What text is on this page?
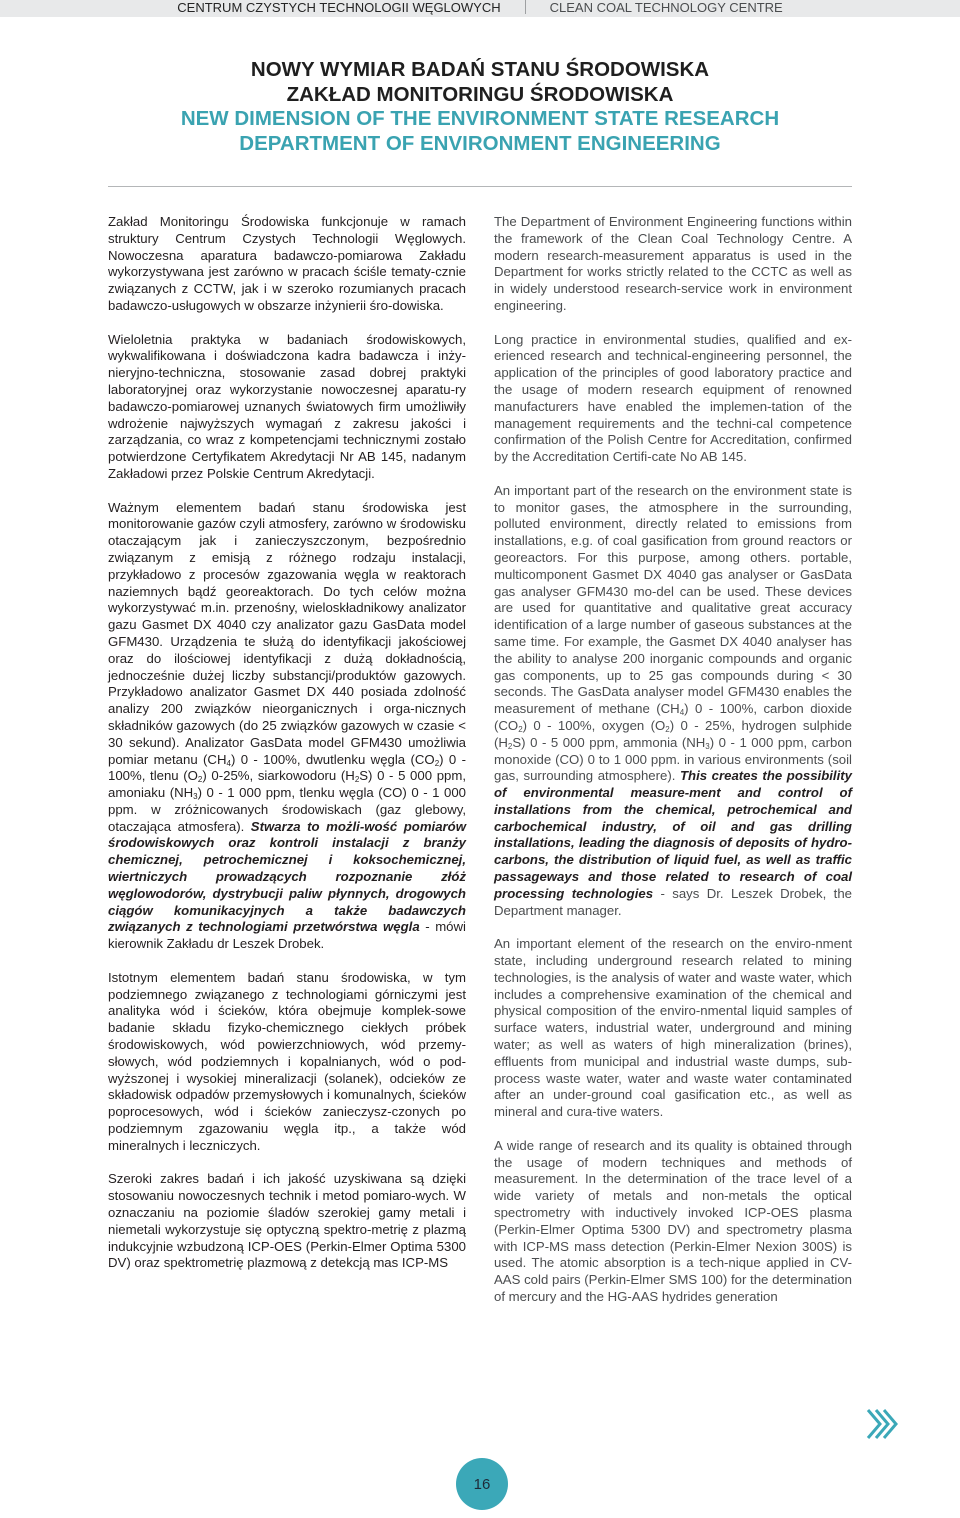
CENTRUM CZYSTYCH TECHNOLOGII WĘGLOWYCH	CLEAN COAL TECHNOLOGY CENTRE
NOWY WYMIAR BADAŃ STANU ŚRODOWISKA
ZAKŁAD MONITORINGU ŚRODOWISKA
NEW DIMENSION OF THE ENVIRONMENT STATE RESEARCH
DEPARTMENT OF ENVIRONMENT ENGINEERING

Zakład Monitoringu Środowiska funkcjonuje w ramach struktury Centrum Czystych Technologii Węglowych. Nowoczesna aparatura badawczo-pomiarowa Zakładu wykorzystywana jest zarówno w pracach ściśle tematy-cznie związanych z CCTW, jak i w szeroko rozumianych pracach badawczo-usługowych w obszarze inżynierii śro-dowiska.

Wieloletnia praktyka w badaniach środowiskowych, wykwalifikowana i doświadczona kadra badawcza i inży-nieryjno-techniczna, stosowanie zasad dobrej praktyki laboratoryjnej oraz wykorzystanie nowoczesnej aparatu-ry badawczo-pomiarowej uznanych światowych firm umożliwiły wdrożenie najwyższych wymagań z zakresu jakości i zarządzania, co wraz z kompetencjami technicznymi zostało potwierdzone Certyfikatem Akredytacji Nr AB 145, nadanym Zakładowi przez Polskie Centrum Akredytacji.

Ważnym elementem badań stanu środowiska jest monitorowanie gazów czyli atmosfery, zarówno w środowisku otaczającym jak i zanieczyszczonym, bezpośrednio związanym z emisją z różnego rodzaju instalacji, przykładowo z procesów zgazowania węgla w reaktorach naziemnych bądź georeaktorach. Do tych celów można wykorzystywać m.in. przenośny, wieloskładnikowy analizator gazu Gasmet DX 4040 czy analizator gazu GasData model GFM430. Urządzenia te służą do identyfikacji jakościowej oraz do ilościowej identyfikacji z dużą dokładnością, jednocześnie dużej liczby substancji/produktów gazowych. Przykładowo analizator Gasmet DX 440 posiada zdolność analizy 200 związków nieorganicznych i orga-nicznych składników gazowych (do 25 związków gazowych w czasie < 30 sekund). Analizator GasData model GFM430 umożliwia pomiar metanu $(CH_4)$ 0 - 100%, dwutlenku węgla $(CO_2)$ 0 - 100%, tlenu $(O_2)$ 0-25%, siarkowodoru $(H_2S)$ 0 - 5 000 ppm, amoniaku $(NH_3)$ 0 - 1 000 ppm, tlenku węgla (CO) 0 - 1 000 ppm. w zróżnicowanych środowiskach (gaz glebowy, otaczająca atmosfera). Stwarza to możli-wość pomiarów środowiskowych oraz kontroli instalacji z branży chemicznej, petrochemicznej i koksochemicznej, wiertniczych prowadzących rozpoznanie złóż węglowodorów, dystrybucji paliw płynnych, drogowych ciągów komunikacyjnych a także badawczych związanych z technologiami przetwórstwa węgla - mówi kierownik Zakładu dr Leszek Drobek.

Istotnym elementem badań stanu środowiska, w tym podziemnego związanego z technologiami górniczymi jest analityka wód i ścieków, która obejmuje komplek-sowe badanie składu fizyko-chemicznego ciekłych próbek środowiskowych, wód powierzchniowych, wód przemy-słowych, wód podziemnych i kopalnianych, wód o pod-wyższonej i wysokiej mineralizacji (solanek), odcieków ze składowisk odpadów przemysłowych i komunalnych, ścieków poprocesowych, wód i ścieków zanieczysz-czonych po podziemnym zgazowaniu węgla itp., a także wód mineralnych i leczniczych.

Szeroki zakres badań i ich jakość uzyskiwana są dzięki stosowaniu nowoczesnych technik i metod pomiaro-wych. W oznaczaniu na poziomie śladów szerokiej gamy metali i niemetali wykorzystuje się optyczną spektro-metrię z plazmą indukcyjnie wzbudzoną ICP-OES (Perkin-Elmer Optima 5300 DV) oraz spektrometrię plazmową z detekcją mas ICP-MS

The Department of Environment Engineering functions within the framework of the Clean Coal Technology Centre. A modern research-measurement apparatus is used in the Department for works strictly related to the CCTC as well as in widely understood research-service work in environment engineering.

Long practice in environmental studies, qualified and ex-erienced research and technical-engineering personnel, the application of the principles of good laboratory practice and the usage of modern research equipment of renowned manufacturers have enabled the implemen-tation of the management requirements and the techni-cal competence confirmation of the Polish Centre for Accreditation, confirmed by the Accreditation Certifi-cate No AB 145.

An important part of the research on the environment state is to monitor gases, the atmosphere in the surrounding, polluted environment, directly related to emissions from installations, e.g. of coal gasification from ground reactors or georeactors. For this purpose, among others. portable, multicomponent Gasmet DX 4040 gas analyser or GasData gas analyser GFM430 mo-del can be used. These devices are used for quantitative and qualitative great accuracy identification of a large number of gaseous substances at the same time. For example, the Gasmet DX 4040 analyser has the ability to analyse 200 inorganic compounds and organic gas components, up to 25 gas compounds during < 30 seconds. The GasData analyser model GFM430 enables the measurement of methane $(CH_4)$ 0 - 100%, carbon dioxide $(CO_2)$ 0 - 100%, oxygen $(O_2)$ 0 - 25%, hydrogen sulphide $(H_2S)$ 0 - 5 000 ppm, ammonia $(NH_3)$ 0 - 1 000 ppm, carbon monoxide (CO) 0 to 1 000 ppm. in various environments (soil gas, surrounding atmosphere). This creates the possibility of environmental measure-ment and control of installations from the chemical, petrochemical and carbochemical industry, of oil and gas drilling installations, leading the diagnosis of deposits of hydro-carbons, the distribution of liquid fuel, as well as traffic passageways and those related to research of coal processing technologies - says Dr. Leszek Drobek, the Department manager.

An important element of the research on the enviro-nment state, including underground research related to mining technologies, is the analysis of water and waste water, which includes a comprehensive examination of the chemical and physical composition of the enviro-nmental liquid samples of surface waters, industrial water, underground and mining water; as well as waters of high mineralization (brines), effluents from municipal and industrial waste dumps, sub-process waste water, water and waste water contaminated after an under-ground coal gasification etc., as well as mineral and cura-tive waters.

A wide range of research and its quality is obtained through the usage of modern techniques and methods of measurement. In the determination of the trace level of a wide variety of metals and non-metals the optical spectrometry with inductively invoked ICP-OES plasma (Perkin-Elmer Optima 5300 DV) and spectrometry plasma with ICP-MS mass detection (Perkin-Elmer Nexion 300S) is used. The atomic absorption is a tech-nique applied in CV-AAS cold pairs (Perkin-Elmer SMS 100) for the determination of mercury and the HG-AAS hydrides generation

16
